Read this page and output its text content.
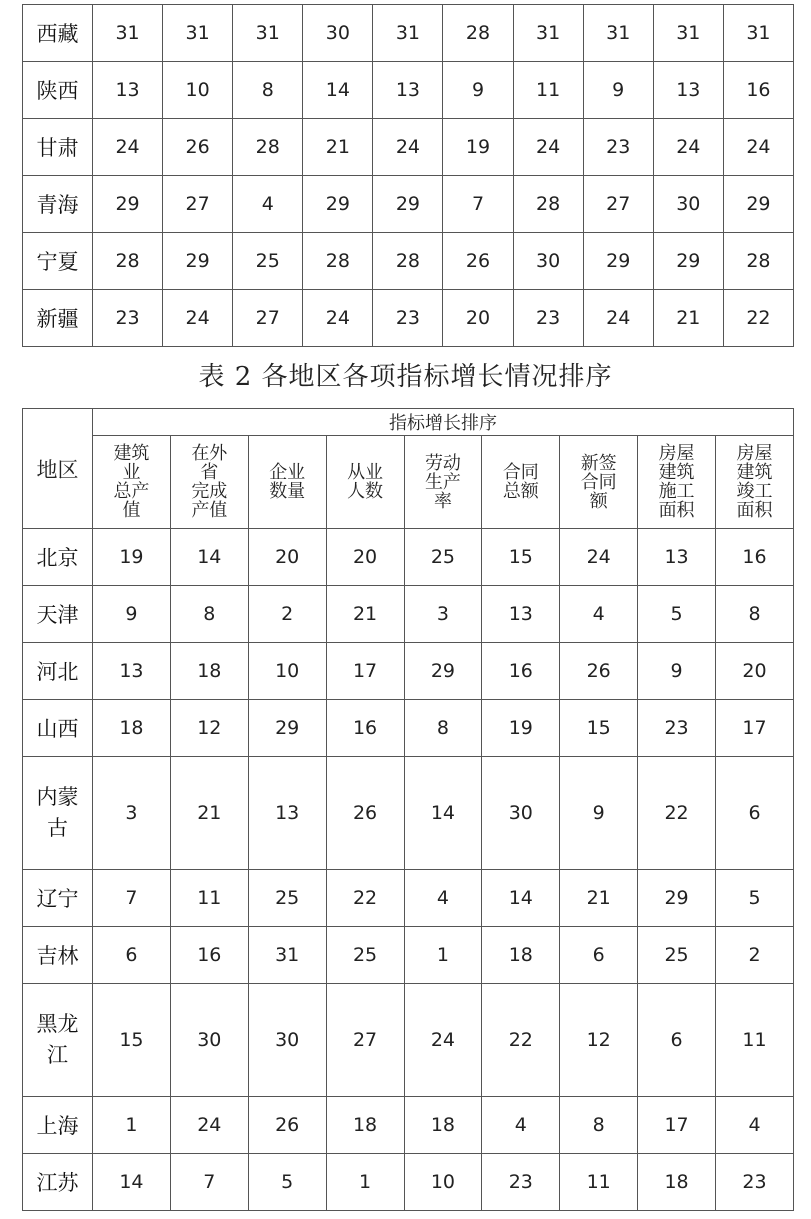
西藏	31	31	31	30	31	28	31	31	31	31
陕西	13	10	8	14	13	9	11	9	13	16
甘肃	24	26	28	21	24	19	24	23	24	24
青海	29	27	4	29	29	7	28	27	30	29
宁夏	28	29	25	28	28	26	30	29	29	28
新疆	23	24	27	24	23	20	23	24	21	22
表 2 各地区各项指标增长情况排序
地区	指标增长排序								

	建筑
业
总产
值	在外
省
完成
产值	企业
数量	从业
人数	劳动
生产
率	合同
总额	新签
合同
额	房屋
建筑
施工
面积	房屋
建筑
竣工
面积

北京	19	14	20	20	25	15	24	13	16
天津	9	8	2	21	3	13	4	5	8
河北	13	18	10	17	29	16	26	9	20
山西	18	12	29	16	8	19	15	23	17

内蒙
古	3	21	13	26	14	30	9	22	6
辽宁	7	11	25	22	4	14	21	29	5
吉林	6	16	31	25	1	18	6	25	2

黑龙
江	15	30	30	27	24	22	12	6	11
上海	1	24	26	18	18	4	8	17	4
江苏	14	7	5	1	10	23	11	18	23
